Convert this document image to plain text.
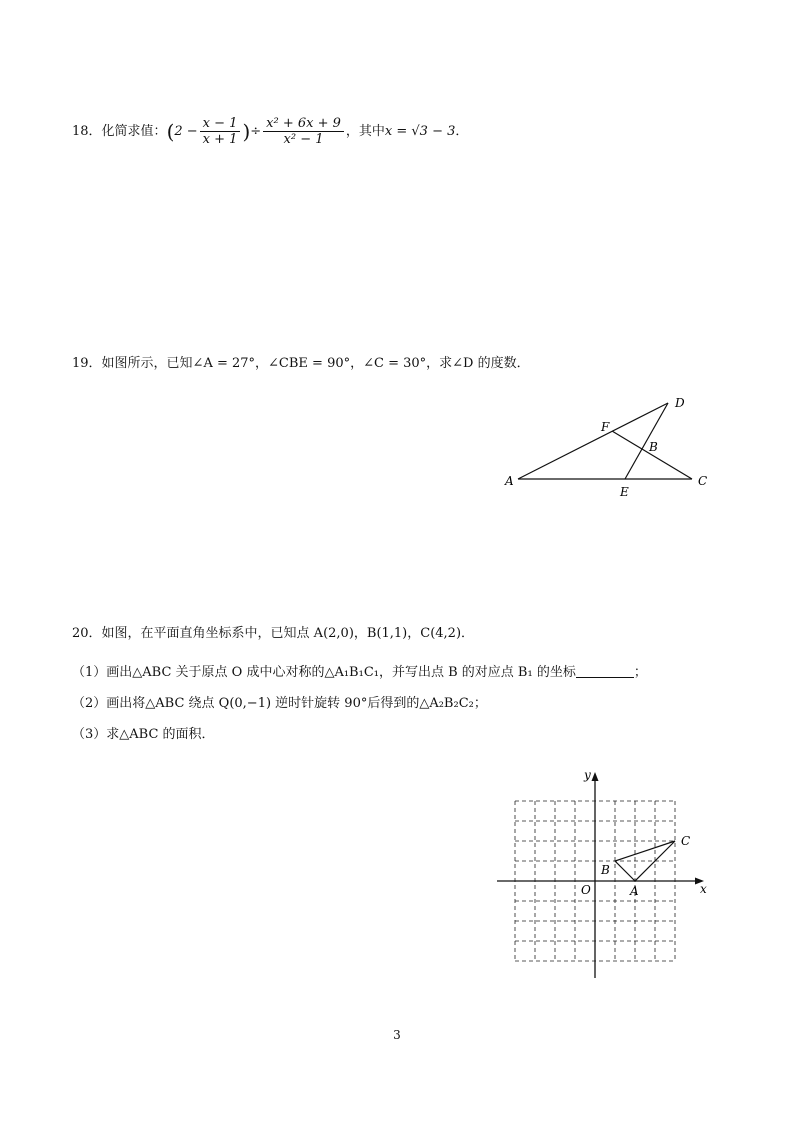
18．化简求值：($2 - \frac{x - 1}{x + 1}$ )÷ $\frac{\text{x² + 6x + 9}}{\text{x² − 1}}$ ，其中x = √3 − 3．
19．如图所示，已知∠A = 27°，∠CBE = 90°，∠C = 30°，求∠D 的度数．
A	C
D
F
B
E
20．如图，在平面直角坐标系中，已知点 A(2,0)，B(1,1)，C(4,2)．
（1）画出△ABC 关于原点 O 成中心对称的△A₁B₁C₁，并写出点 B 的对应点 B₁ 的坐标	；
（2）画出将△ABC 绕点 Q(0,−1) 逆时针旋转 90°后得到的△A₂B₂C₂；
（3）求△ABC 的面积．
x
y
O	A
B
C
3
